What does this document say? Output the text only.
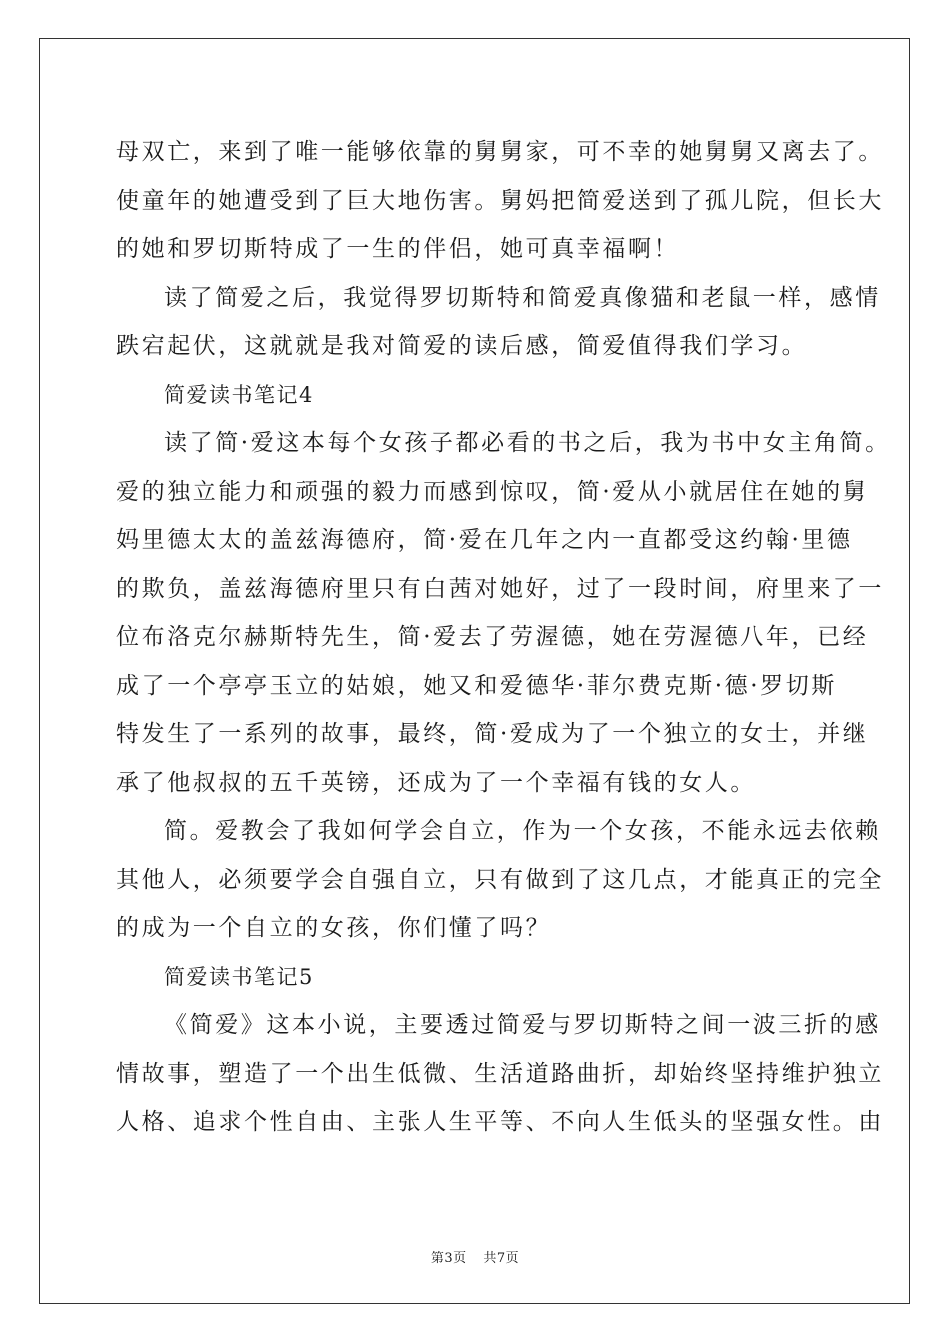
母双亡，来到了唯一能够依靠的舅舅家，可不幸的她舅舅又离去了。
使童年的她遭受到了巨大地伤害。舅妈把简爱送到了孤儿院，但长大
的她和罗切斯特成了一生的伴侣，她可真幸福啊！
读了简爱之后，我觉得罗切斯特和简爱真像猫和老鼠一样，感情
跌宕起伏，这就就是我对简爱的读后感，简爱值得我们学习。
简爱读书笔记4
读了简·爱这本每个女孩子都必看的书之后，我为书中女主角简。
爱的独立能力和顽强的毅力而感到惊叹，简·爱从小就居住在她的舅
妈里德太太的盖兹海德府，简·爱在几年之内一直都受这约翰·里德
的欺负，盖兹海德府里只有白茜对她好，过了一段时间，府里来了一
位布洛克尔赫斯特先生，简·爱去了劳渥德，她在劳渥德八年，已经
成了一个亭亭玉立的姑娘，她又和爱德华·菲尔费克斯·德·罗切斯
特发生了一系列的故事，最终，简·爱成为了一个独立的女士，并继
承了他叔叔的五千英镑，还成为了一个幸福有钱的女人。
简。爱教会了我如何学会自立，作为一个女孩，不能永远去依赖
其他人，必须要学会自强自立，只有做到了这几点，才能真正的完全
的成为一个自立的女孩，你们懂了吗？
简爱读书笔记5
《简爱》这本小说，主要透过简爱与罗切斯特之间一波三折的感
情故事，塑造了一个出生低微、生活道路曲折，却始终坚持维护独立
人格、追求个性自由、主张人生平等、不向人生低头的坚强女性。由
第3页 共7页
